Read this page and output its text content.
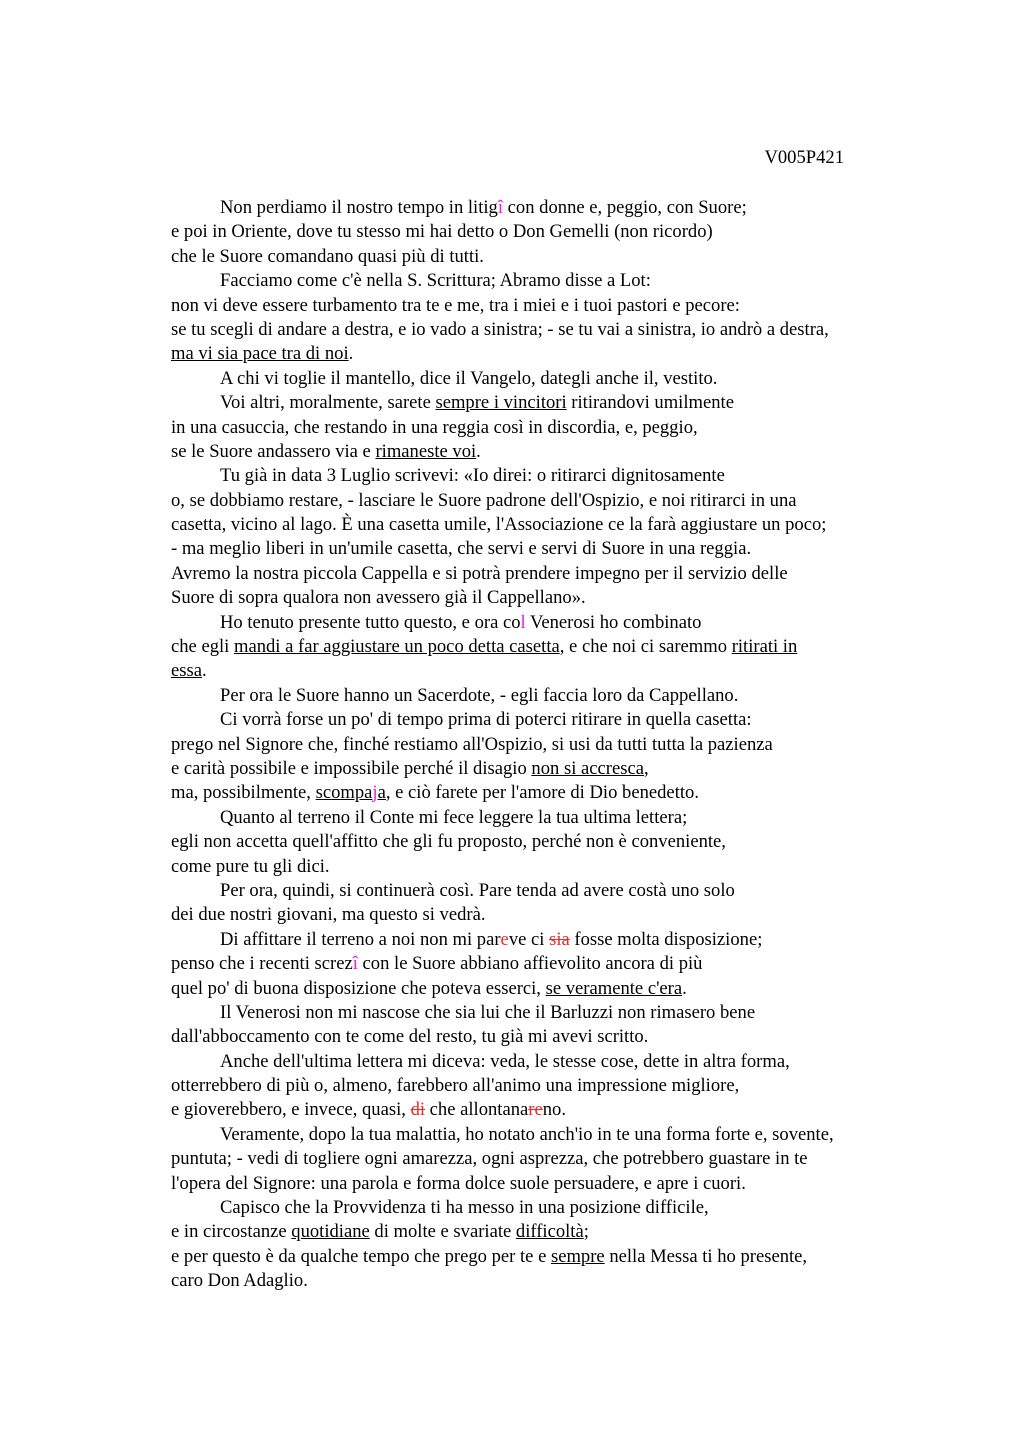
V005P421
Non perdiamo il nostro tempo in litigî con donne e, peggio, con Suore;
e poi in Oriente, dove tu stesso mi hai detto o Don Gemelli (non ricordo)
che le Suore comandano quasi più di tutti.
Facciamo come c'è nella S. Scrittura; Abramo disse a Lot:
non vi deve essere turbamento tra te e me, tra i miei e i tuoi pastori e pecore:
se tu scegli di andare a destra, e io vado a sinistra; - se tu vai a sinistra, io andrò a destra,
ma vi sia pace tra di noi.
A chi vi toglie il mantello, dice il Vangelo, dategli anche il, vestito.
Voi altri, moralmente, sarete sempre i vincitori ritirandovi umilmente
in una casuccia, che restando in una reggia così in discordia, e, peggio,
se le Suore andassero via e rimaneste voi.
Tu già in data 3 Luglio scrivevi: «Io direi: o ritirarci dignitosamente
o, se dobbiamo restare, - lasciare le Suore padrone dell'Ospizio, e noi ritirarci in una
casetta, vicino al lago. È una casetta umile, l'Associazione ce la farà aggiustare un poco;
- ma meglio liberi in un'umile casetta, che servi e servi di Suore in una reggia.
Avremo la nostra piccola Cappella e si potrà prendere impegno per il servizio delle
Suore di sopra qualora non avessero già il Cappellano».
Ho tenuto presente tutto questo, e ora col Venerosi ho combinato
che egli mandi a far aggiustare un poco detta casetta, e che noi ci saremmo ritirati in
essa.
Per ora le Suore hanno un Sacerdote, - egli faccia loro da Cappellano.
Ci vorrà forse un po' di tempo prima di poterci ritirare in quella casetta:
prego nel Signore che, finché restiamo all'Ospizio, si usi da tutti tutta la pazienza
e carità possibile e impossibile perché il disagio non si accresca,
ma, possibilmente, scompaja, e ciò farete per l'amore di Dio benedetto.
Quanto al terreno il Conte mi fece leggere la tua ultima lettera;
egli non accetta quell'affitto che gli fu proposto, perché non è conveniente,
come pure tu gli dici.
Per ora, quindi, si continuerà così. Pare tenda ad avere costà uno solo
dei due nostri giovani, ma questo si vedrà.
Di affittare il terreno a noi non mi pareve ci sia fosse molta disposizione;
penso che i recenti screzî con le Suore abbiano affievolito ancora di più
quel po' di buona disposizione che poteva esserci, se veramente c'era.
Il Venerosi non mi nascose che sia lui che il Barluzzi non rimasero bene
dall'abboccamento con te come del resto, tu già mi avevi scritto.
Anche dell'ultima lettera mi diceva: veda, le stesse cose, dette in altra forma,
otterrebbero di più o, almeno, farebbero all'animo una impressione migliore,
e gioverebbero, e invece, quasi, di che allontanareno.
Veramente, dopo la tua malattia, ho notato anch'io in te una forma forte e, sovente,
puntuta; - vedi di togliere ogni amarezza, ogni asprezza, che potrebbero guastare in te
l'opera del Signore: una parola e forma dolce suole persuadere, e apre i cuori.
Capisco che la Provvidenza ti ha messo in una posizione difficile,
e in circostanze quotidiane di molte e svariate difficoltà;
e per questo è da qualche tempo che prego per te e sempre nella Messa ti ho presente,
caro Don Adaglio.
